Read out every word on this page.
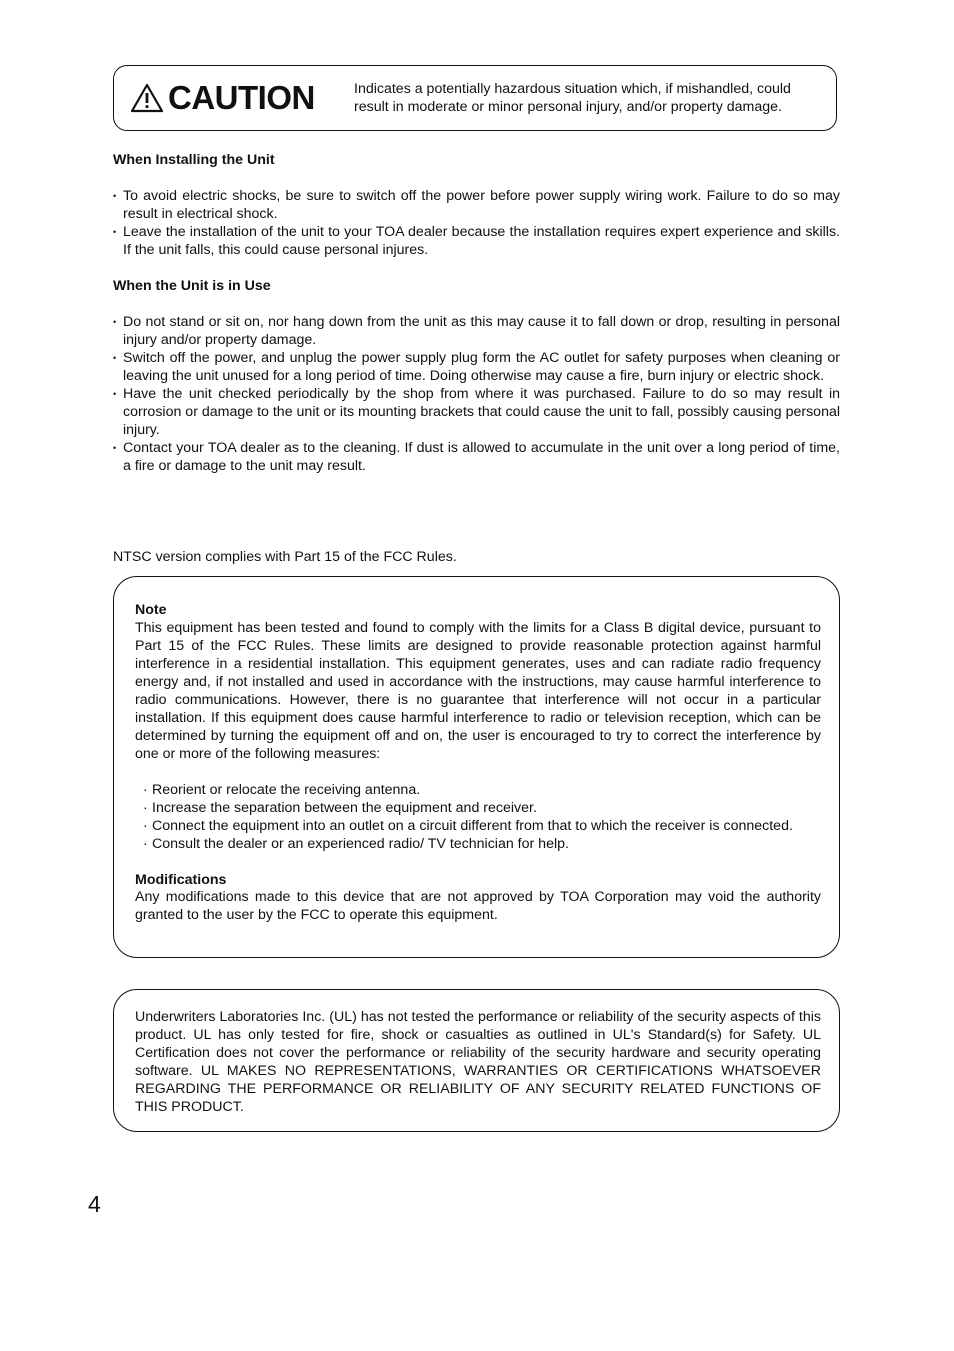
CAUTION	Indicates a potentially hazardous situation which, if mishandled, could result in moderate or minor personal injury, and/or property damage.
When Installing the Unit
• To avoid electric shocks, be sure to switch off the power before power supply wiring work. Failure to do so may result in electrical shock.
• Leave the installation of the unit to your TOA dealer because the installation requires expert experience and skills. If the unit falls, this could cause personal injures.
When the Unit is in Use
• Do not stand or sit on, nor hang down from the unit as this may cause it to fall down or drop, resulting in personal injury and/or property damage.
• Switch off the power, and unplug the power supply plug form the AC outlet for safety purposes when cleaning or leaving the unit unused for a long period of time. Doing otherwise may cause a fire, burn injury or electric shock.
• Have the unit checked periodically by the shop from where it was purchased. Failure to do so may result in corrosion or damage to the unit or its mounting brackets that could cause the unit to fall, possibly causing personal injury.
• Contact your TOA dealer as to the cleaning. If dust is allowed to accumulate in the unit over a long period of time, a fire or damage to the unit may result.
NTSC version complies with Part 15 of the FCC Rules.
Note
This equipment has been tested and found to comply with the limits for a Class B digital device, pursuant to Part 15 of the FCC Rules. These limits are designed to provide reasonable protection against harmful interference in a residential installation. This equipment generates, uses and can radiate radio frequency energy and, if not installed and used in accordance with the instructions, may cause harmful interference to radio communications. However, there is no guarantee that interference will not occur in a particular installation. If this equipment does cause harmful interference to radio or television reception, which can be determined by turning the equipment off and on, the user is encouraged to try to correct the interference by one or more of the following measures:
· Reorient or relocate the receiving antenna.
· Increase the separation between the equipment and receiver.
· Connect the equipment into an outlet on a circuit different from that to which the receiver is connected.
· Consult the dealer or an experienced radio/ TV technician for help.
Modifications
Any modifications made to this device that are not approved by TOA Corporation may void the authority granted to the user by the FCC to operate this equipment.
Underwriters Laboratories Inc. (UL) has not tested the performance or reliability of the security aspects of this product. UL has only tested for fire, shock or casualties as outlined in UL's Standard(s) for Safety. UL Certification does not cover the performance or reliability of the security hardware and security operating software. UL MAKES NO REPRESENTATIONS, WARRANTIES OR CERTIFICATIONS WHATSOEVER REGARDING THE PERFORMANCE OR RELIABILITY OF ANY SECURITY RELATED FUNCTIONS OF THIS PRODUCT.
4
